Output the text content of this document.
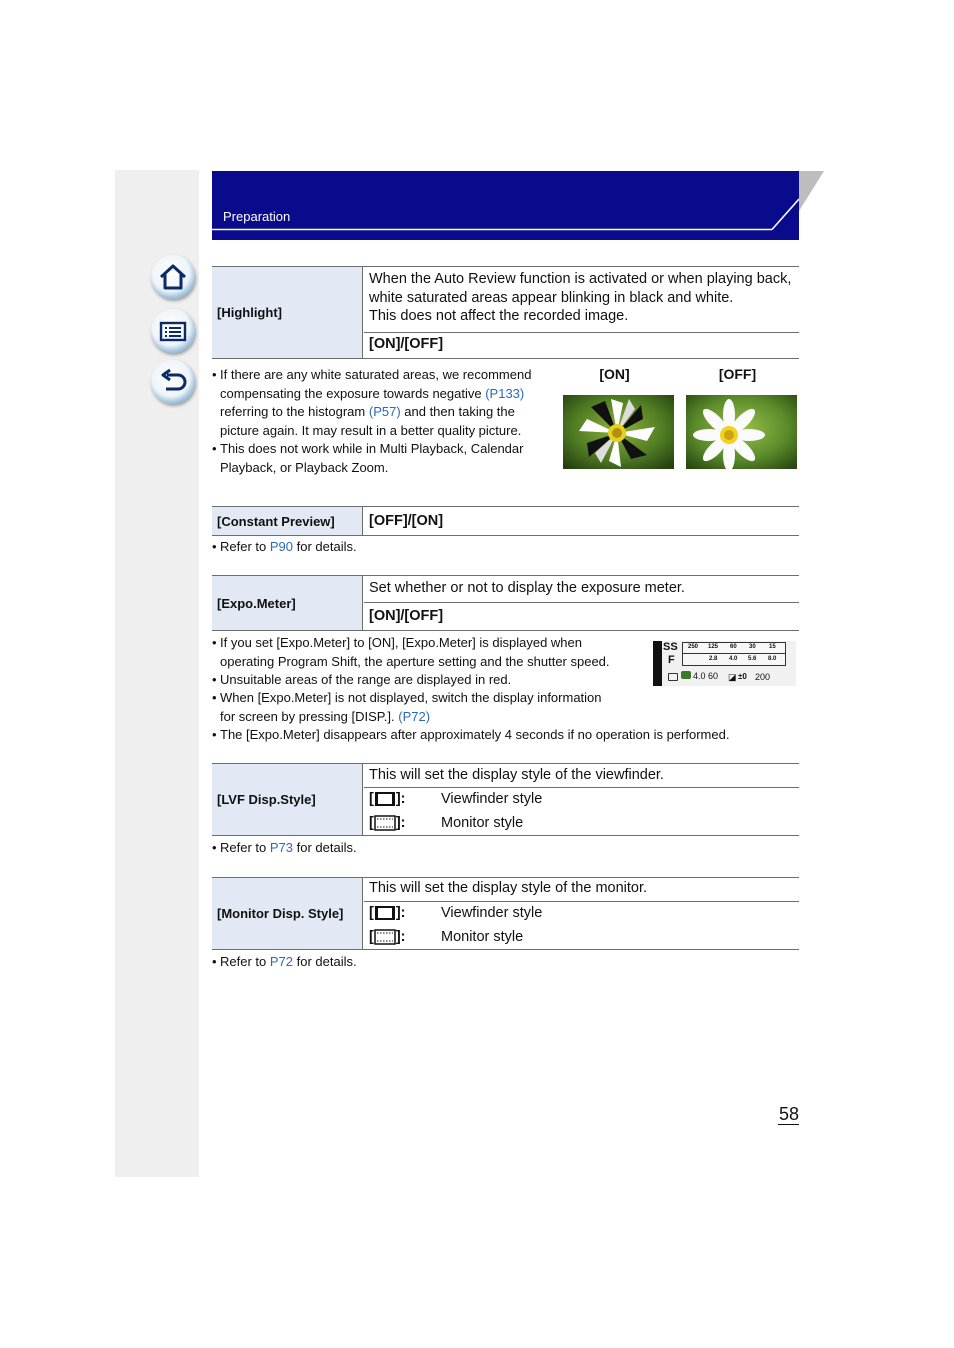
Preparation
[Highlight]
When the Auto Review function is activated or when playing back,
white saturated areas appear blinking in black and white.
This does not affect the recorded image.
[ON]/[OFF]
• If there are any white saturated areas, we recommend
compensating the exposure towards negative (P133)
referring to the histogram (P57) and then taking the
picture again. It may result in a better quality picture.
• This does not work while in Multi Playback, Calendar
Playback, or Playback Zoom.
[ON]	[OFF]
[Constant Preview]	[OFF]/[ON]
• Refer to P90 for details.
[Expo.Meter]
Set whether or not to display the exposure meter.
[ON]/[OFF]
• If you set [Expo.Meter] to [ON], [Expo.Meter] is displayed when
operating Program Shift, the aperture setting and the shutter speed.
• Unsuitable areas of the range are displayed in red.
• When [Expo.Meter] is not displayed, switch the display information
for screen by pressing [DISP.]. (P72)
• The [Expo.Meter] disappears after approximately 4 seconds if no operation is performed.
SS
F
250 125 60 30 15
2.8 4.0 5.6 8.0
4.0 60 ◪ ±0 200
[LVF Disp.Style]
This will set the display style of the viewfinder.
[ ]: Viewfinder style
[ ]: Monitor style
• Refer to P73 for details.
[Monitor Disp. Style]
This will set the display style of the monitor.
[ ]: Viewfinder style
[ ]: Monitor style
• Refer to P72 for details.
58
